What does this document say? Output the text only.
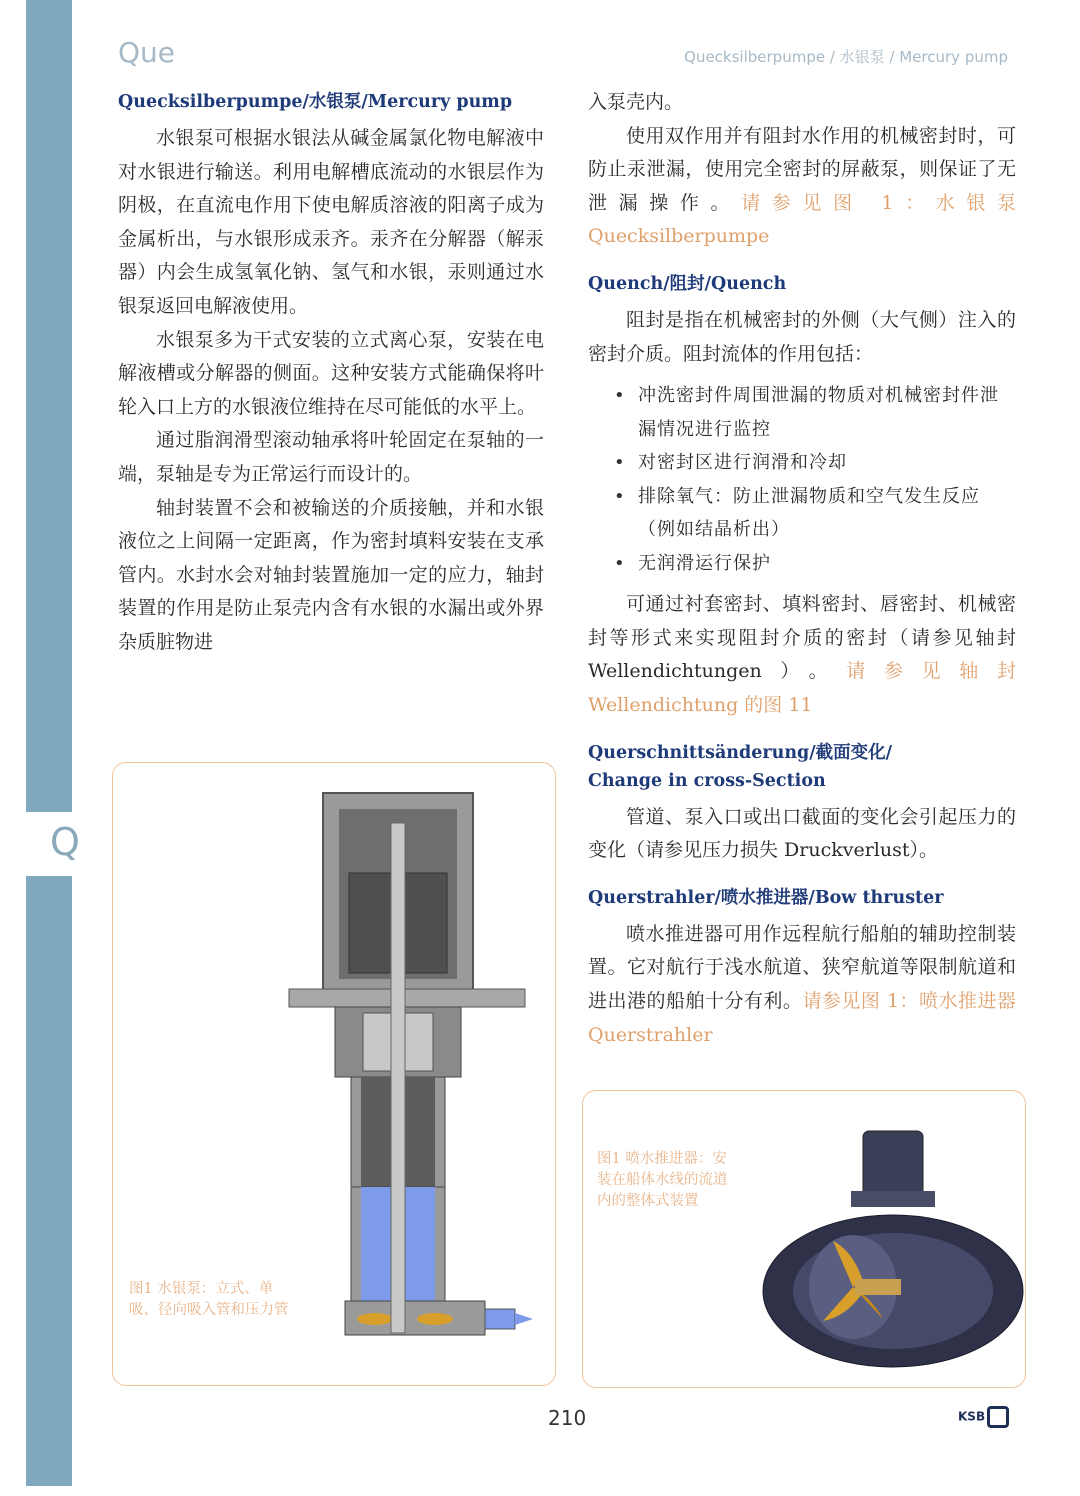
Q
Que	Quecksilberpumpe / 水银泵 / Mercury pump
Quecksilberpumpe/水银泵/Mercury pump

水银泵可根据水银法从碱金属氯化物电解液中对水银进行输送。利用电解槽底流动的水银层作为阴极，在直流电作用下使电解质溶液的阳离子成为金属析出，与水银形成汞齐。汞齐在分解器（解汞器）内会生成氢氧化钠、氢气和水银，汞则通过水银泵返回电解液使用。

水银泵多为干式安装的立式离心泵，安装在电解液槽或分解器的侧面。这种安装方式能确保将叶轮入口上方的水银液位维持在尽可能低的水平上。

通过脂润滑型滚动轴承将叶轮固定在泵轴的一端，泵轴是专为正常运行而设计的。

轴封装置不会和被输送的介质接触，并和水银液位之上间隔一定距离，作为密封填料安装在支承管内。水封水会对轴封装置施加一定的应力，轴封装置的作用是防止泵壳内含有水银的水漏出或外界杂质脏物进

入泵壳内。

使用双作用并有阻封水作用的机械密封时，可防止汞泄漏，使用完全密封的屏蔽泵，则保证了无泄漏操作。请参见图 1：水银泵 Quecksilberpumpe

Quench/阻封/Quench

阻封是指在机械密封的外侧（大气侧）注入的密封介质。阻封流体的作用包括：

• 冲洗密封件周围泄漏的物质对机械密封件泄漏情况进行监控
• 对密封区进行润滑和冷却
• 排除氧气：防止泄漏物质和空气发生反应（例如结晶析出）
• 无润滑运行保护

可通过衬套密封、填料密封、唇密封、机械密封等形式来实现阻封介质的密封（请参见轴封 Wellendichtungen）。请参见轴封 Wellendichtung 的图 11

Querschnittsänderung/截面变化/
Change in cross-Section

管道、泵入口或出口截面的变化会引起压力的变化（请参见压力损失 Druckverlust）。

Querstrahler/喷水推进器/Bow thruster

喷水推进器可用作远程航行船舶的辅助控制装置。它对航行于浅水航道、狭窄航道等限制航道和进出港的船舶十分有利。请参见图 1：喷水推进器 Querstrahler

图1 水银泵：立式、单吸、径向吸入管和压力管
图1 喷水推进器：安装在船体水线的流道内的整体式装置
210	KSB
